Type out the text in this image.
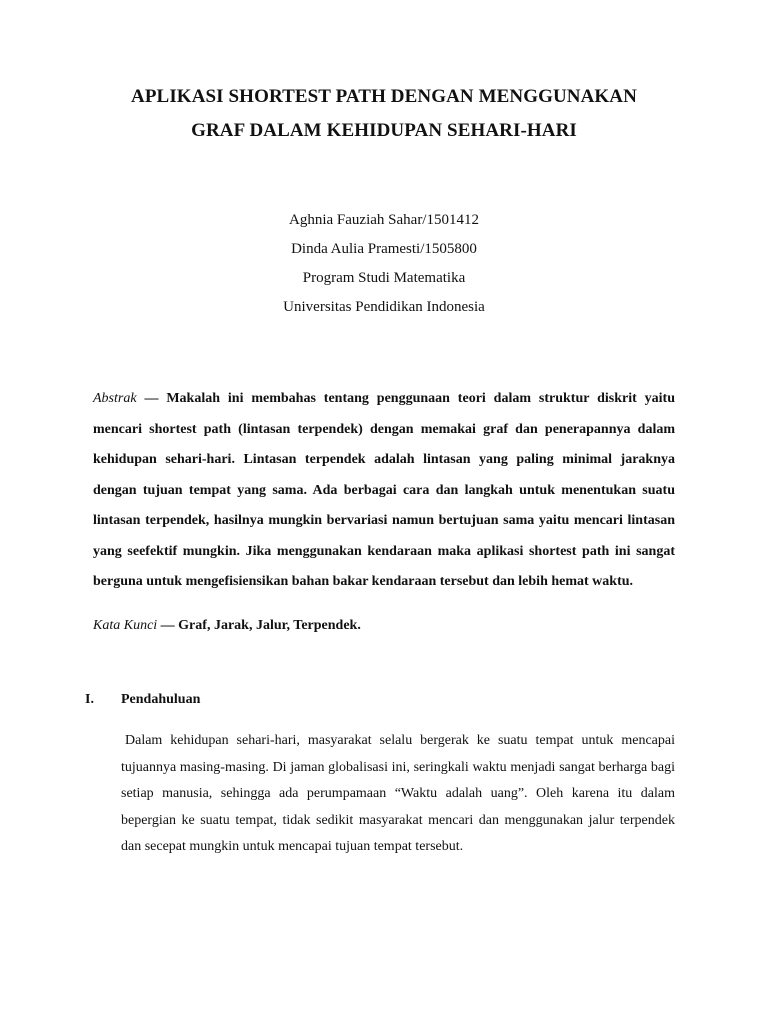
APLIKASI SHORTEST PATH DENGAN MENGGUNAKAN
GRAF DALAM KEHIDUPAN SEHARI-HARI
Aghnia Fauziah Sahar/1501412
Dinda Aulia Pramesti/1505800
Program Studi Matematika
Universitas Pendidikan Indonesia
Abstrak — Makalah ini membahas tentang penggunaan teori dalam struktur diskrit yaitu mencari shortest path (lintasan terpendek) dengan memakai graf dan penerapannya dalam kehidupan sehari-hari. Lintasan terpendek adalah lintasan yang paling minimal jaraknya dengan tujuan tempat yang sama. Ada berbagai cara dan langkah untuk menentukan suatu lintasan terpendek, hasilnya mungkin bervariasi namun bertujuan sama yaitu mencari lintasan yang seefektif mungkin. Jika menggunakan kendaraan maka aplikasi shortest path ini sangat berguna untuk mengefisiensikan bahan bakar kendaraan tersebut dan lebih hemat waktu.
Kata Kunci — Graf, Jarak, Jalur, Terpendek.
I. Pendahuluan
Dalam kehidupan sehari-hari, masyarakat selalu bergerak ke suatu tempat untuk mencapai tujuannya masing-masing. Di jaman globalisasi ini, seringkali waktu menjadi sangat berharga bagi setiap manusia, sehingga ada perumpamaan “Waktu adalah uang”. Oleh karena itu dalam bepergian ke suatu tempat, tidak sedikit masyarakat mencari dan menggunakan jalur terpendek dan secepat mungkin untuk mencapai tujuan tempat tersebut.
